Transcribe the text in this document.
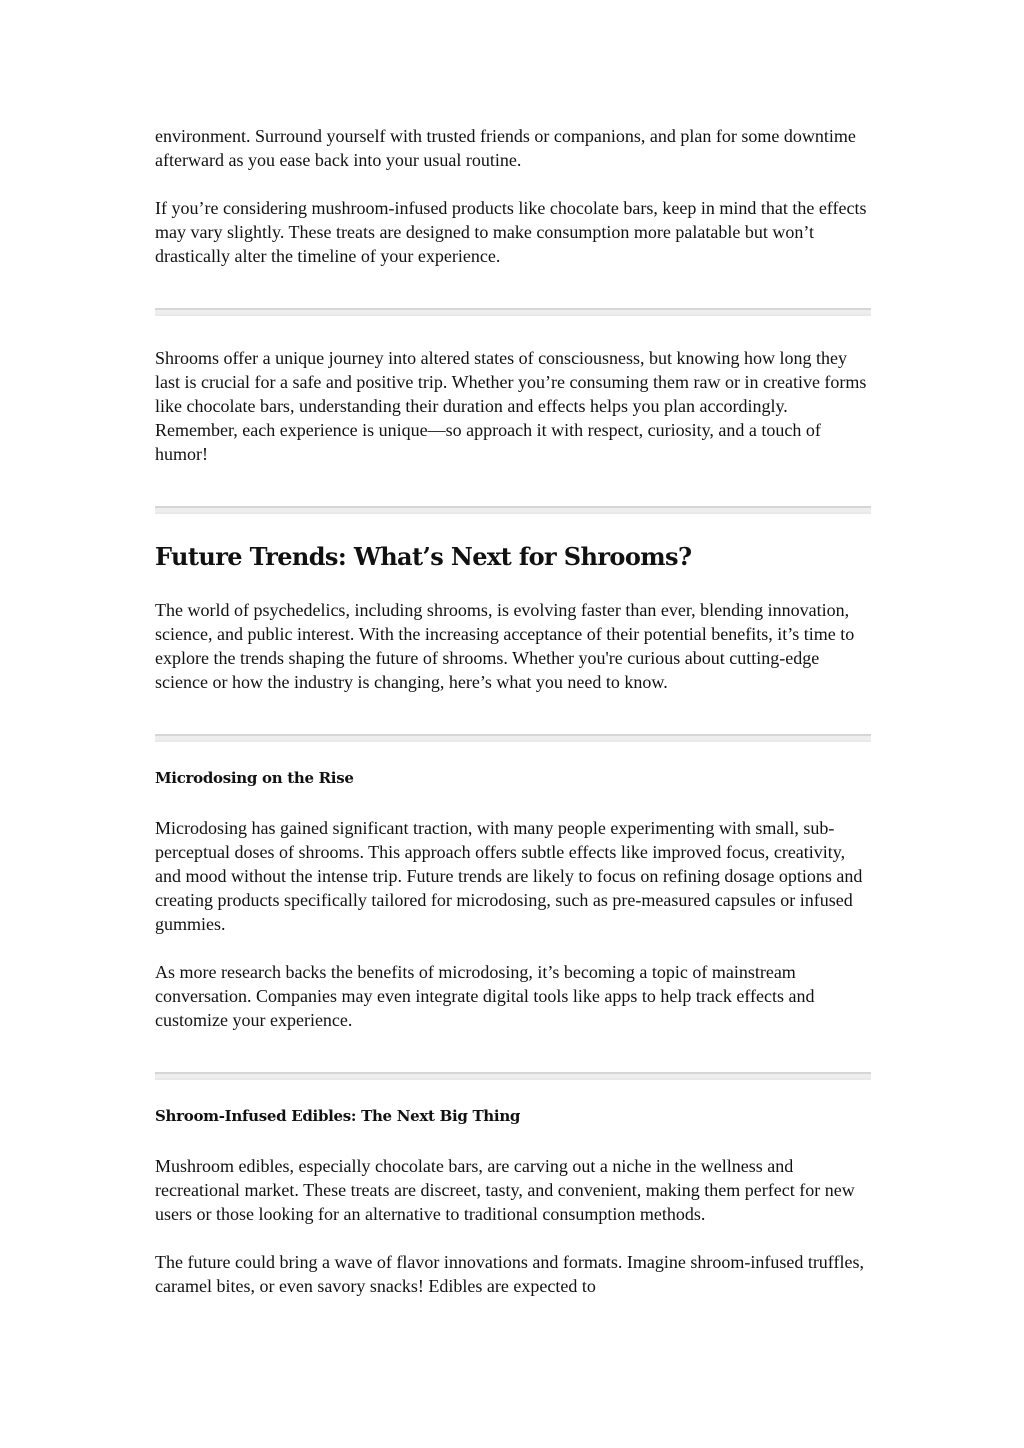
environment. Surround yourself with trusted friends or companions, and plan for some downtime afterward as you ease back into your usual routine.

If you’re considering mushroom-infused products like chocolate bars, keep in mind that the effects may vary slightly. These treats are designed to make consumption more palatable but won’t drastically alter the timeline of your experience.

Shrooms offer a unique journey into altered states of consciousness, but knowing how long they last is crucial for a safe and positive trip. Whether you’re consuming them raw or in creative forms like chocolate bars, understanding their duration and effects helps you plan accordingly. Remember, each experience is unique—so approach it with respect, curiosity, and a touch of humor!

Future Trends: What’s Next for Shrooms?

The world of psychedelics, including shrooms, is evolving faster than ever, blending innovation, science, and public interest. With the increasing acceptance of their potential benefits, it’s time to explore the trends shaping the future of shrooms. Whether you're curious about cutting-edge science or how the industry is changing, here’s what you need to know.

Microdosing on the Rise

Microdosing has gained significant traction, with many people experimenting with small, sub-perceptual doses of shrooms. This approach offers subtle effects like improved focus, creativity, and mood without the intense trip. Future trends are likely to focus on refining dosage options and creating products specifically tailored for microdosing, such as pre-measured capsules or infused gummies.

As more research backs the benefits of microdosing, it’s becoming a topic of mainstream conversation. Companies may even integrate digital tools like apps to help track effects and customize your experience.

Shroom-Infused Edibles: The Next Big Thing

Mushroom edibles, especially chocolate bars, are carving out a niche in the wellness and recreational market. These treats are discreet, tasty, and convenient, making them perfect for new users or those looking for an alternative to traditional consumption methods.

The future could bring a wave of flavor innovations and formats. Imagine shroom-infused truffles, caramel bites, or even savory snacks! Edibles are expected to
